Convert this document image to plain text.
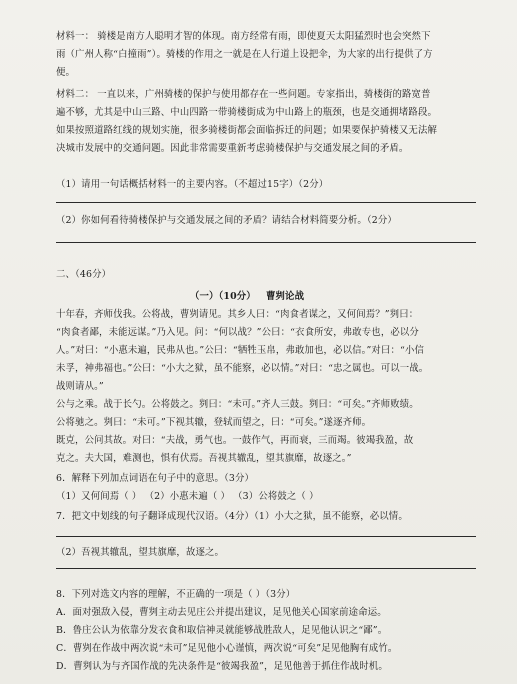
材料一： 骑楼是南方人聪明才智的体现。南方经常有雨，即使夏天太阳猛烈时也会突然下
雨（广州人称“白撞雨”）。骑楼的作用之一就是在人行道上设把伞，为大家的出行提供了方
便。
材料二： 一直以来，广州骑楼的保护与使用都存在一些问题。专家指出，骑楼街的路宽普
遍不够，尤其是中山三路、中山四路一带骑楼街成为中山路上的瓶颈，也是交通拥堵路段。
如果按照道路红线的规划实施，很多骑楼街都会面临拆迁的问题；如果要保护骑楼又无法解
决城市发展中的交通问题。因此非常需要重新考虑骑楼保护与交通发展之间的矛盾。
（1）请用一句话概括材料一的主要内容。（不超过15字）（2分）
（2）你如何看待骑楼保护与交通发展之间的矛盾？请结合材料简要分析。（2分）
二、（46分）
（一）（10分）	曹刿论战
十年春，齐师伐我。公将战，曹刿请见。其乡人曰：“肉食者谋之，又何间焉？”刿曰：
“肉食者鄙，未能远谋。”乃入见。问：“何以战？”公曰：“衣食所安，弗敢专也，必以分
人。”对曰：“小惠未遍，民弗从也。”公曰：“牺牲玉帛，弗敢加也，必以信。”对曰：“小信
未孚，神弗福也。”公曰：“小大之狱，虽不能察，必以情。”对曰：“忠之属也。可以一战。
战则请从。”
公与之乘。战于长勺。公将鼓之。刿曰：“未可。”齐人三鼓。刿曰：“可矣。”齐师败绩。
公将驰之。刿曰：“未可。”下视其辙，登轼而望之，曰：“可矣。”遂逐齐师。
既克，公问其故。对曰：“夫战，勇气也。一鼓作气，再而衰，三而竭。彼竭我盈，故
克之。夫大国，难测也，惧有伏焉。吾视其辙乱，望其旗靡，故逐之。”
6．解释下列加点词语在句子中的意思。（3分）
（1）又何间焉（ ） （2）小惠未遍（ ） （3）公将鼓之（ ）
7．把文中划线的句子翻译成现代汉语。（4分）（1）小大之狱，虽不能察，必以情。
（2）吾视其辙乱，望其旗靡，故逐之。
8．下列对选文内容的理解，不正确的一项是（ ）（3分）
A．面对强敌入侵，曹刿主动去见庄公并提出建议，足见他关心国家前途命运。
B．鲁庄公认为依靠分发衣食和取信神灵就能够战胜敌人，足见他认识之“鄙”。
C．曹刿在作战中两次说“未可”足见他小心谨慎，两次说“可矣”足见他胸有成竹。
D．曹刿认为与齐国作战的先决条件是“彼竭我盈”，足见他善于抓住作战时机。
